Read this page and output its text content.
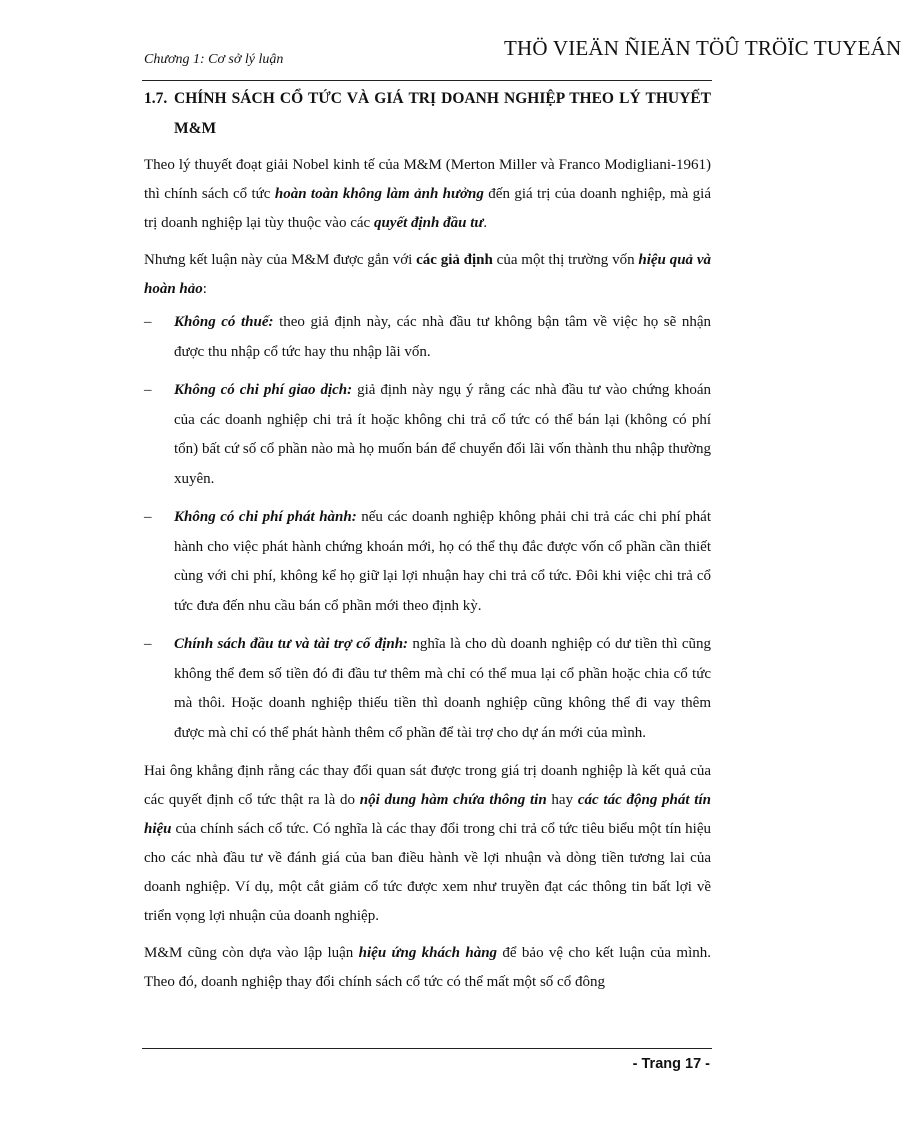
THÖ VIEÄN ÑIEÄN TÖÛ TRÖÏC TUYEÁN
Chương 1: Cơ sở lý luận
1.7. CHÍNH SÁCH CỔ TỨC VÀ GIÁ TRỊ DOANH NGHIỆP THEO LÝ THUYẾT M&M

Theo lý thuyết đoạt giải Nobel kinh tế của M&M (Merton Miller và Franco Modigliani-1961) thì chính sách cổ tức hoàn toàn không làm ảnh hưởng đến giá trị của doanh nghiệp, mà giá trị doanh nghiệp lại tùy thuộc vào các quyết định đầu tư.

Nhưng kết luận này của M&M được gắn với các giả định của một thị trường vốn hiệu quả và hoàn hảo:

–	Không có thuế: theo giả định này, các nhà đầu tư không bận tâm về việc họ sẽ nhận được thu nhập cổ tức hay thu nhập lãi vốn.
–	Không có chi phí giao dịch: giả định này ngụ ý rằng các nhà đầu tư vào chứng khoán của các doanh nghiệp chi trả ít hoặc không chi trả cổ tức có thể bán lại (không có phí tổn) bất cứ số cổ phần nào mà họ muốn bán để chuyển đổi lãi vốn thành thu nhập thường xuyên.
–	Không có chi phí phát hành: nếu các doanh nghiệp không phải chi trả các chi phí phát hành cho việc phát hành chứng khoán mới, họ có thể thụ đắc được vốn cổ phần cần thiết cùng với chi phí, không kể họ giữ lại lợi nhuận hay chi trả cổ tức. Đôi khi việc chi trả cổ tức đưa đến nhu cầu bán cổ phần mới theo định kỳ.
–	Chính sách đầu tư và tài trợ cố định: nghĩa là cho dù doanh nghiệp có dư tiền thì cũng không thể đem số tiền đó đi đầu tư thêm mà chỉ có thể mua lại cổ phần hoặc chia cổ tức mà thôi. Hoặc doanh nghiệp thiếu tiền thì doanh nghiệp cũng không thể đi vay thêm được mà chỉ có thể phát hành thêm cổ phần để tài trợ cho dự án mới của mình.

Hai ông khẳng định rằng các thay đổi quan sát được trong giá trị doanh nghiệp là kết quả của các quyết định cổ tức thật ra là do nội dung hàm chứa thông tin hay các tác động phát tín hiệu của chính sách cổ tức. Có nghĩa là các thay đổi trong chi trả cổ tức tiêu biểu một tín hiệu cho các nhà đầu tư về đánh giá của ban điều hành về lợi nhuận và dòng tiền tương lai của doanh nghiệp. Ví dụ, một cắt giảm cổ tức được xem như truyền đạt các thông tin bất lợi về triển vọng lợi nhuận của doanh nghiệp.

M&M cũng còn dựa vào lập luận hiệu ứng khách hàng để bảo vệ cho kết luận của mình. Theo đó, doanh nghiệp thay đổi chính sách cổ tức có thể mất một số cổ đông

- Trang 17 -
